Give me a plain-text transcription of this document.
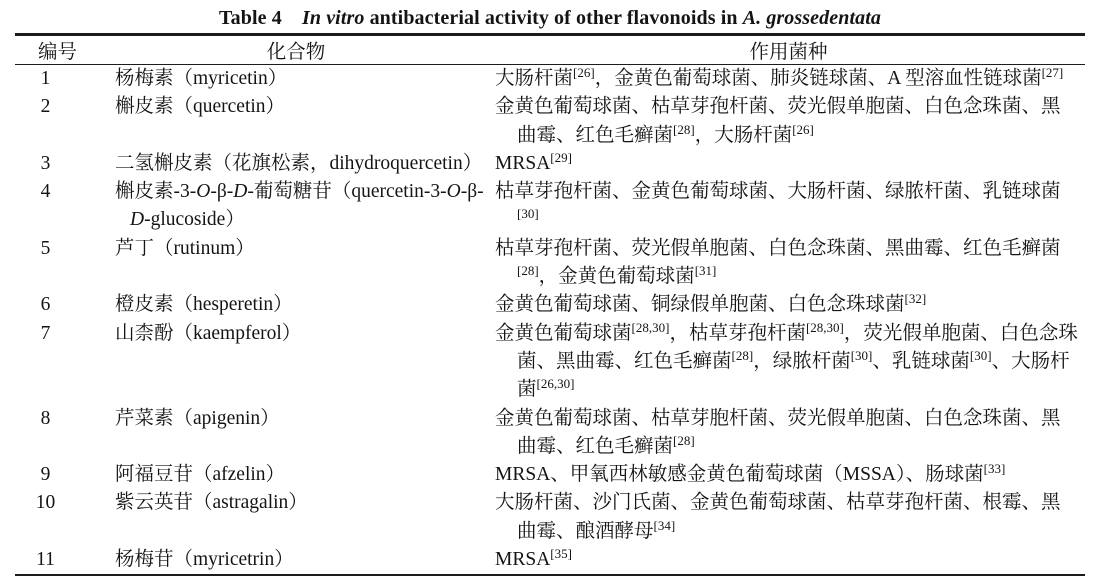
Table 4   In vitro antibacterial activity of other flavonoids in A. grossedentata
编号	化合物	作用菌种
1	杨梅素（myricetin）	大肠杆菌[26]，金黄色葡萄球菌、肺炎链球菌、A 型溶血性链球菌[27]
2	槲皮素（quercetin）	金黄色葡萄球菌、枯草芽孢杆菌、荧光假单胞菌、白色念珠菌、黑曲霉、红色毛癣菌[28]，大肠杆菌[26]
3	二氢槲皮素（花旗松素，dihydroquercetin）	MRSA[29]
4	槲皮素-3-O-β-D-葡萄糖苷（quercetin-3-O-β-D-glucoside）	枯草芽孢杆菌、金黄色葡萄球菌、大肠杆菌、绿脓杆菌、乳链球菌[30]
5	芦丁（rutinum）	枯草芽孢杆菌、荧光假单胞菌、白色念珠菌、黑曲霉、红色毛癣菌[28]，金黄色葡萄球菌[31]
6	橙皮素（hesperetin）	金黄色葡萄球菌、铜绿假单胞菌、白色念珠球菌[32]
7	山柰酚（kaempferol）	金黄色葡萄球菌[28,30]，枯草芽孢杆菌[28,30]，荧光假单胞菌、白色念珠菌、黑曲霉、红色毛癣菌[28]，绿脓杆菌[30]、乳链球菌[30]、大肠杆菌[26,30]
8	芹菜素（apigenin）	金黄色葡萄球菌、枯草芽胞杆菌、荧光假单胞菌、白色念珠菌、黑曲霉、红色毛癣菌[28]
9	阿福豆苷（afzelin）	MRSA、甲氧西林敏感金黄色葡萄球菌（MSSA）、肠球菌[33]
10	紫云英苷（astragalin）	大肠杆菌、沙门氏菌、金黄色葡萄球菌、枯草芽孢杆菌、根霉、黑曲霉、酿酒酵母[34]
11	杨梅苷（myricetrin）	MRSA[35]
